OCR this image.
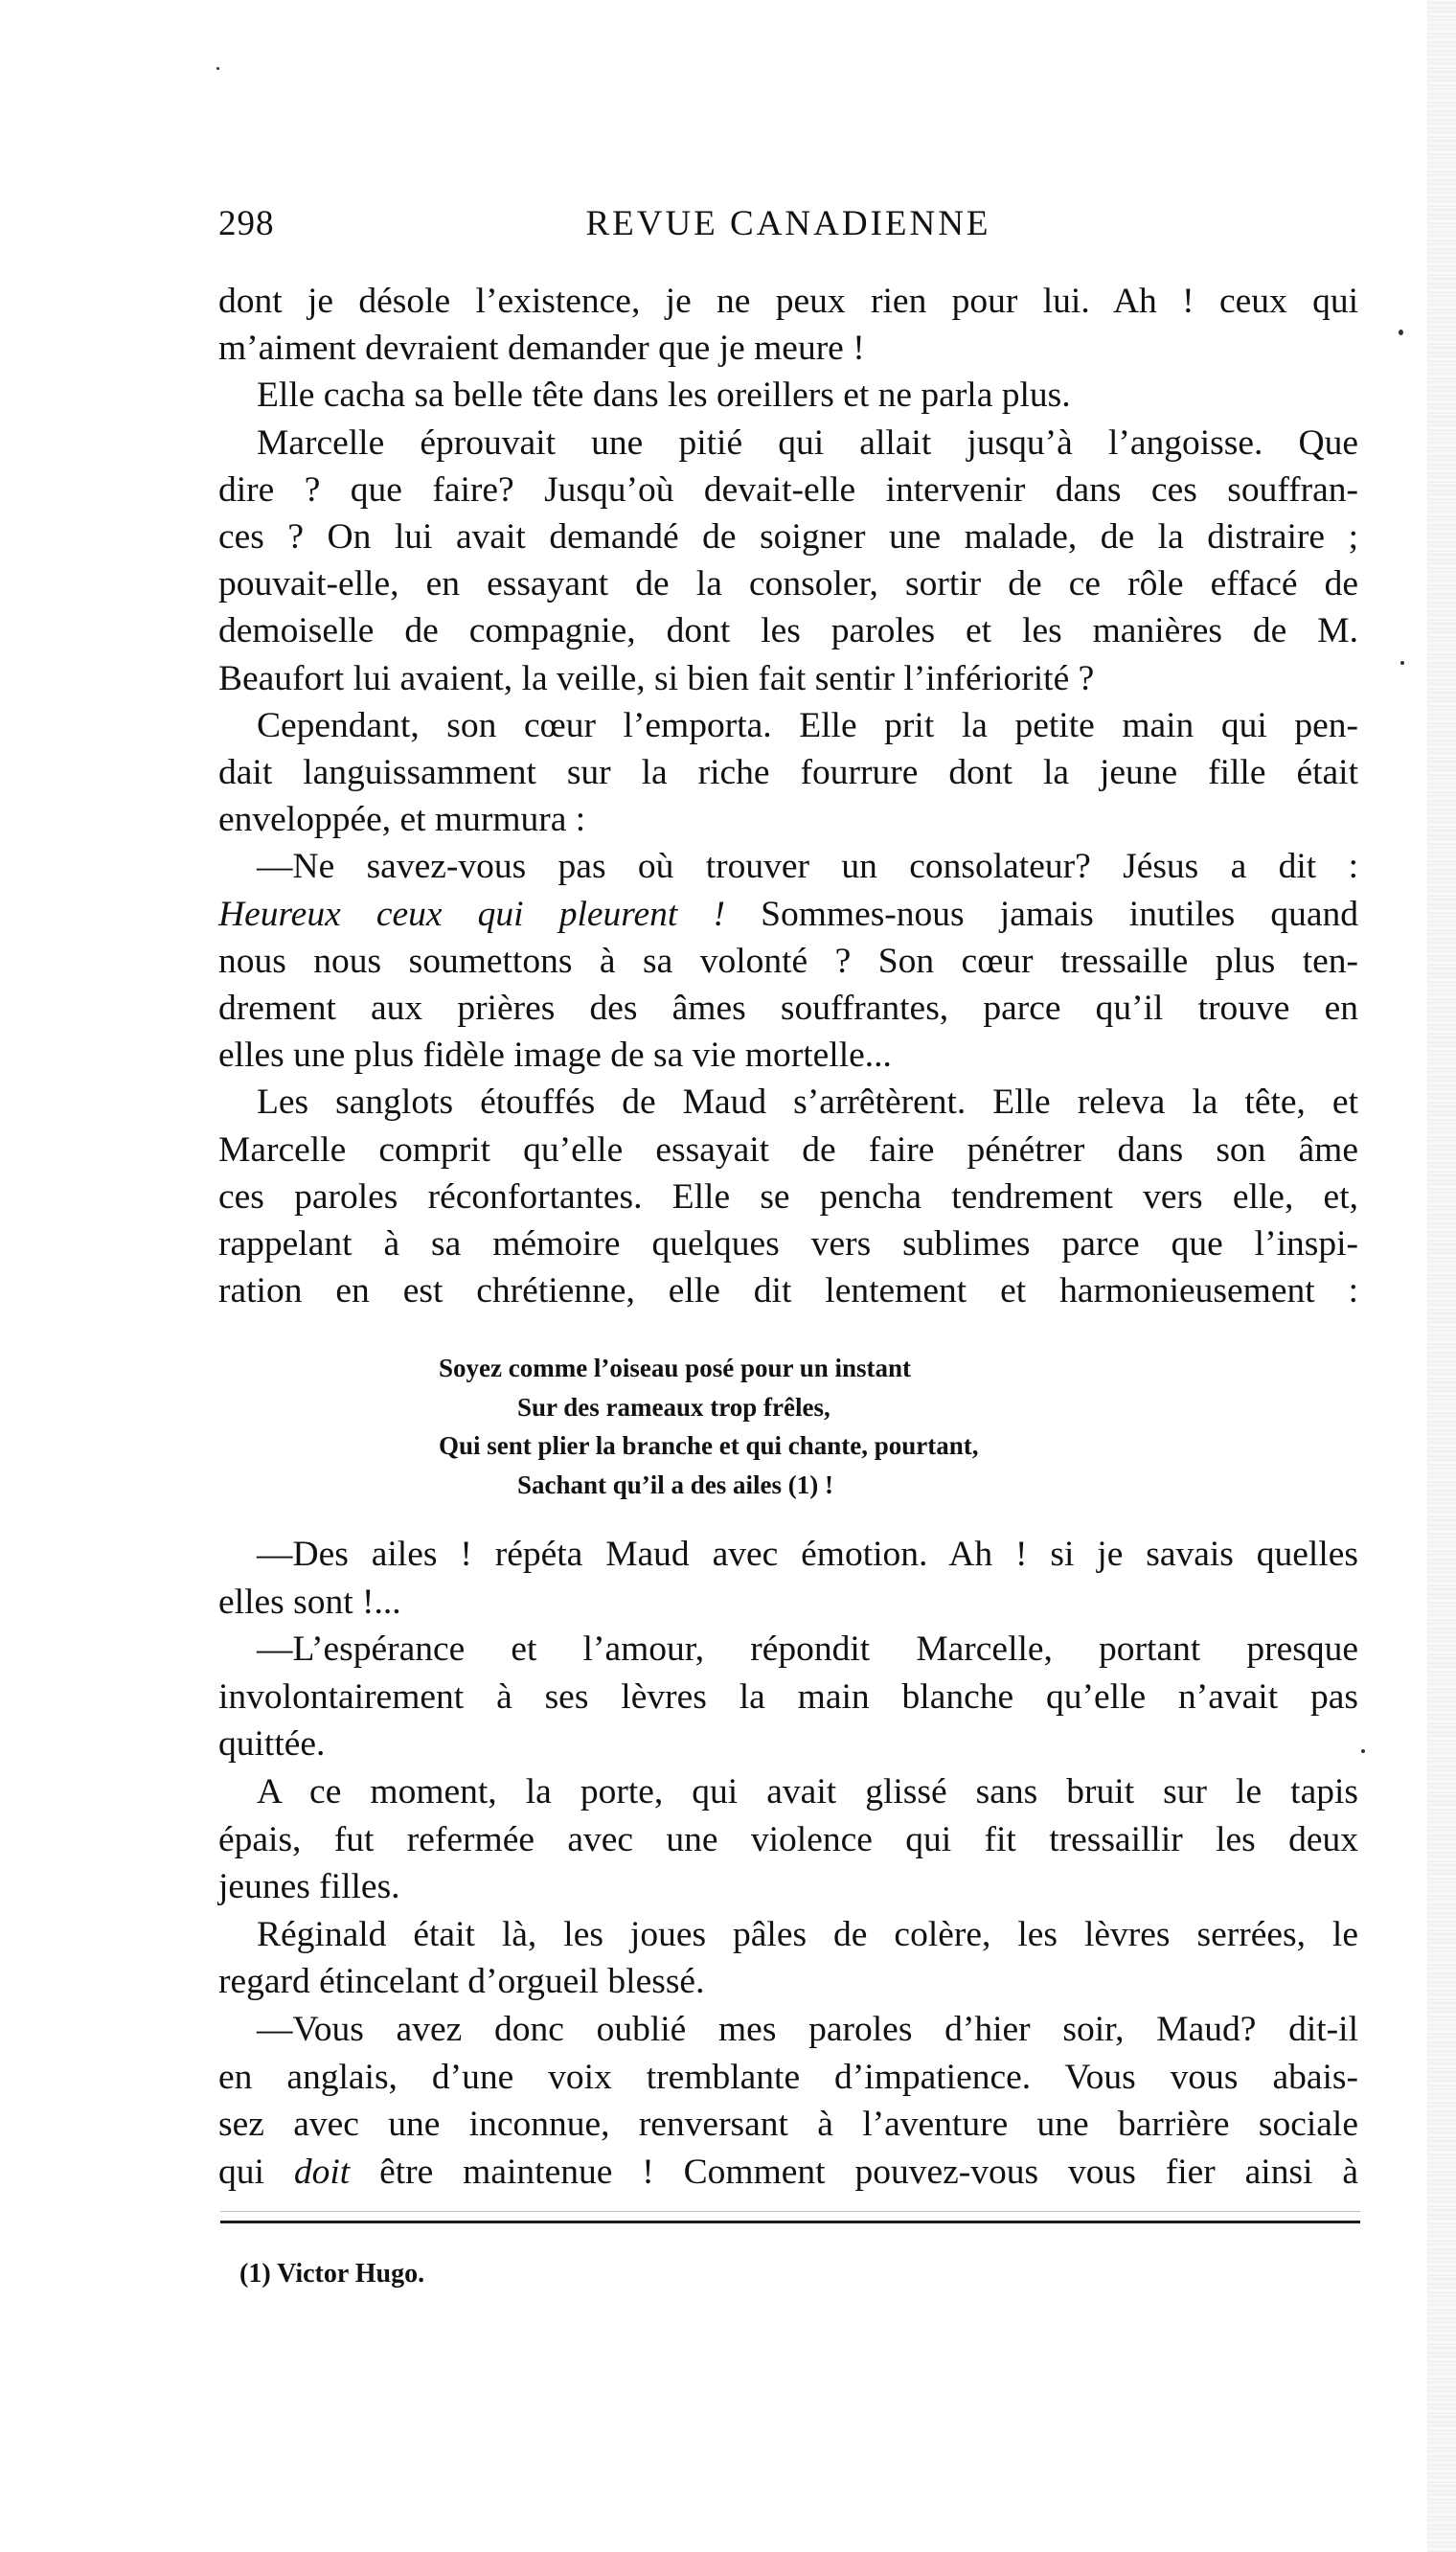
298	REVUE CANADIENNE
dont je désole l’existence, je ne peux rien pour lui. Ah ! ceux qui
m’aiment devraient demander que je meure !
Elle cacha sa belle tête dans les oreillers et ne parla plus.
Marcelle éprouvait une pitié qui allait jusqu’à l’angoisse. Que
dire ? que faire? Jusqu’où devait-elle intervenir dans ces souffran-
ces ? On lui avait demandé de soigner une malade, de la distraire ;
pouvait-elle, en essayant de la consoler, sortir de ce rôle effacé de
demoiselle de compagnie, dont les paroles et les manières de M.
Beaufort lui avaient, la veille, si bien fait sentir l’infériorité ?
Cependant, son cœur l’emporta. Elle prit la petite main qui pen-
dait languissamment sur la riche fourrure dont la jeune fille était
enveloppée, et murmura :
—Ne savez-vous pas où trouver un consolateur? Jésus a dit :
Heureux ceux qui pleurent ! Sommes-nous jamais inutiles quand
nous nous soumettons à sa volonté ? Son cœur tressaille plus ten-
drement aux prières des âmes souffrantes, parce qu’il trouve en
elles une plus fidèle image de sa vie mortelle...
Les sanglots étouffés de Maud s’arrêtèrent. Elle releva la tête, et
Marcelle comprit qu’elle essayait de faire pénétrer dans son âme
ces paroles réconfortantes. Elle se pencha tendrement vers elle, et,
rappelant à sa mémoire quelques vers sublimes parce que l’inspi-
ration en est chrétienne, elle dit lentement et harmonieusement :
Soyez comme l’oiseau posé pour un instant
Sur des rameaux trop frêles,
Qui sent plier la branche et qui chante, pourtant,
Sachant qu’il a des ailes (1) !
—Des ailes ! répéta Maud avec émotion. Ah ! si je savais quelles
elles sont !...
—L’espérance et l’amour, répondit Marcelle, portant presque
involontairement à ses lèvres la main blanche qu’elle n’avait pas
quittée.
A ce moment, la porte, qui avait glissé sans bruit sur le tapis
épais, fut refermée avec une violence qui fit tressaillir les deux
jeunes filles.
Réginald était là, les joues pâles de colère, les lèvres serrées, le
regard étincelant d’orgueil blessé.
—Vous avez donc oublié mes paroles d’hier soir, Maud? dit-il
en anglais, d’une voix tremblante d’impatience. Vous vous abais-
sez avec une inconnue, renversant à l’aventure une barrière sociale
qui doit être maintenue ! Comment pouvez-vous vous fier ainsi à
(1) Victor Hugo.
